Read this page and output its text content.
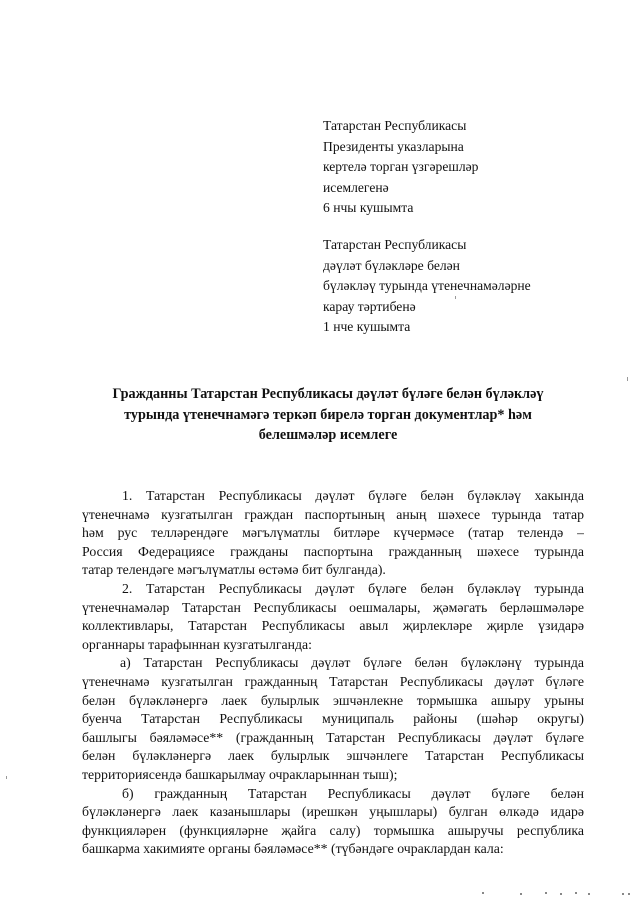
Татарстан Республикасы
Президенты указларына
кертелә торган үзгәрешләр
исемлегенә
6 нчы кушымта
Татарстан Республикасы
дәүләт бүләкләре белән
бүләкләү турында үтенечнамәләрне
карау тәртибенә
1 нче кушымта
Гражданны Татарстан Республикасы дәүләт бүләге белән бүләкләү
турында үтенечнамәгә теркәп бирелә торган документлар* һәм
белешмәләр исемлеге
1. Татарстан Республикасы дәүләт бүләге белән бүләкләү хакында
үтенечнамә кузгатылган граждан паспортының аның шәхесе турында татар
һәм рус телләрендәге мәгълүматлы битләре күчермәсе (татар телендә –
Россия Федерациясе гражданы паспортына гражданның шәхесе турында
татар телендәге мәгълүматлы өстәмә бит булганда).
2. Татарстан Республикасы дәүләт бүләге белән бүләкләү турында
үтенечнамәләр Татарстан Республикасы оешмалары, җәмәгать берләшмәләре
коллективлары, Татарстан Республикасы авыл җирлекләре җирле үзидарә
органнары тарафыннан кузгатылганда:
а) Татарстан Республикасы дәүләт бүләге белән бүләкләнү турында
үтенечнамә кузгатылган гражданның Татарстан Республикасы дәүләт бүләге
белән бүләкләнергә лаек булырлык эшчәнлекне тормышка ашыру урыны
буенча Татарстан Республикасы муниципаль районы (шәһәр округы)
башлыгы бәяләмәсе** (гражданның Татарстан Республикасы дәүләт бүләге
белән бүләкләнергә лаек булырлык эшчәнлеге Татарстан Республикасы
территориясендә башкарылмау очракларыннан тыш);
б) гражданның Татарстан Республикасы дәүләт бүләге белән
бүләкләнергә лаек казанышлары (ирешкән уңышлары) булган өлкәдә идарә
функцияләрен (функцияләрне җайга салу) тормышка ашыручы республика
башкарма хакимияте органы бәяләмәсе** (түбәндәге очраклардан кала:
